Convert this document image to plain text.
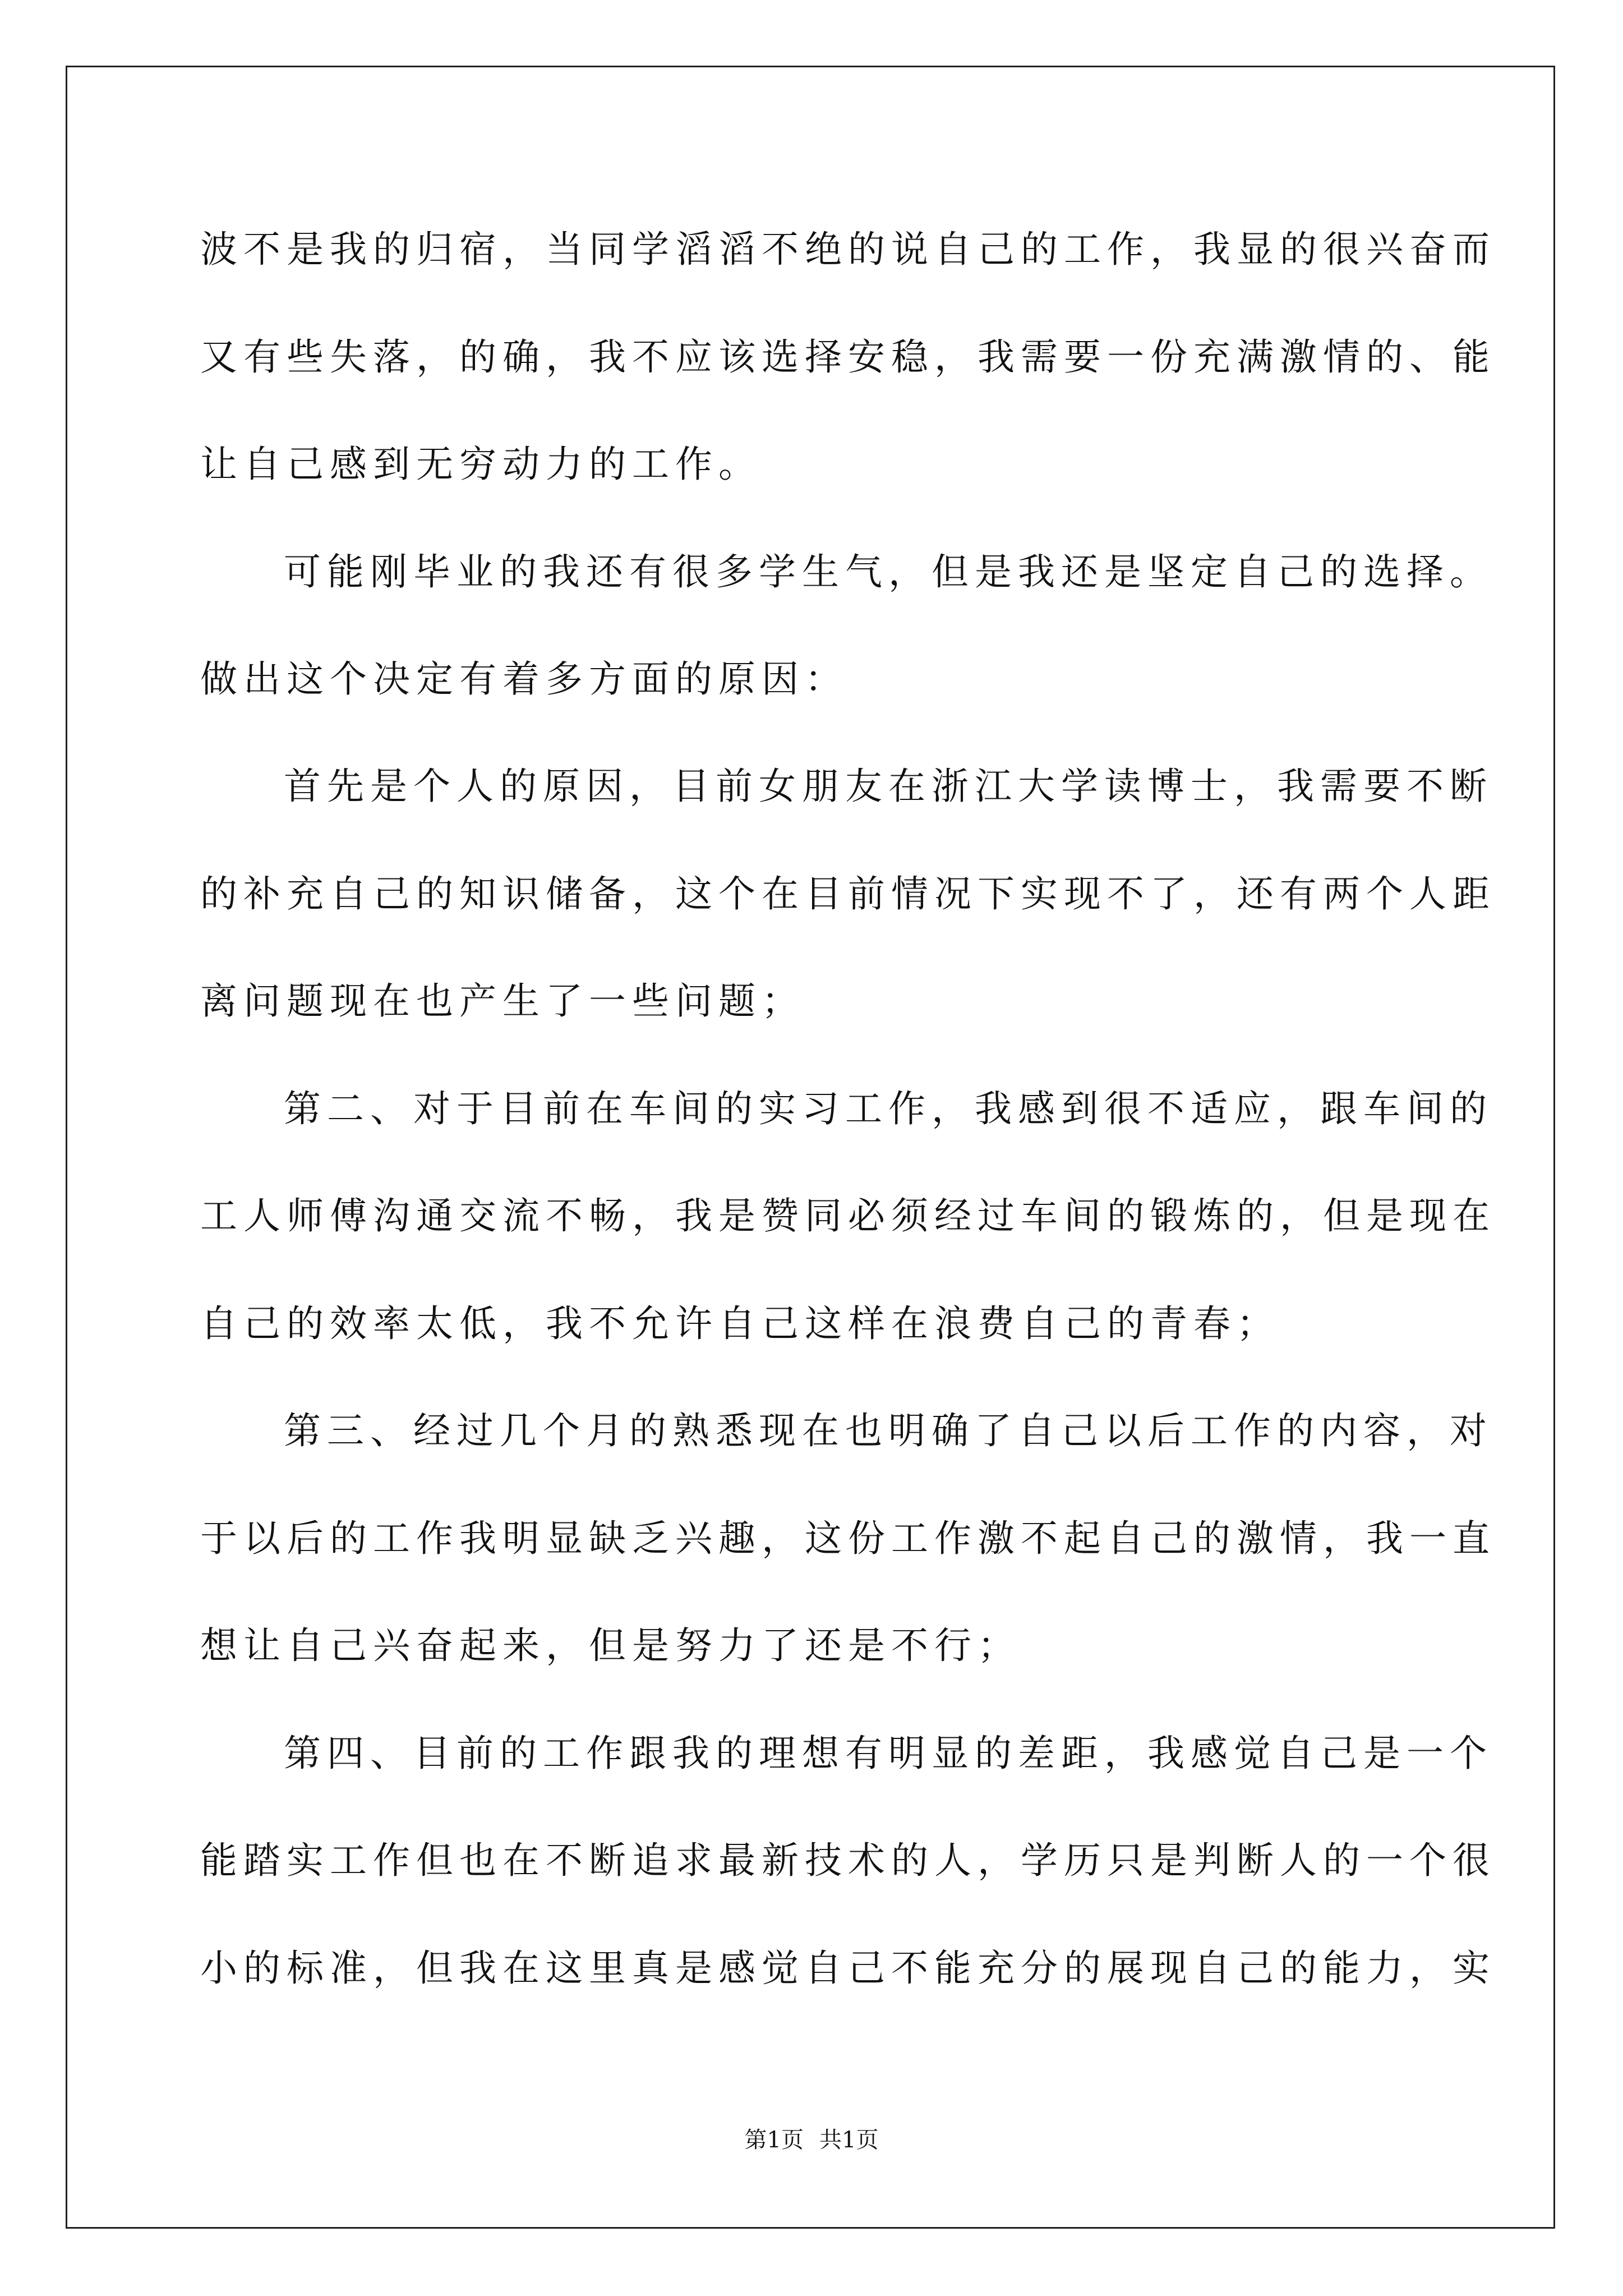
波不是我的归宿，当同学滔滔不绝的说自己的工作，我显的很兴奋而
又有些失落，的确，我不应该选择安稳，我需要一份充满激情的、能
让自己感到无穷动力的工作。
可能刚毕业的我还有很多学生气，但是我还是坚定自己的选择。
做出这个决定有着多方面的原因：
首先是个人的原因，目前女朋友在浙江大学读博士，我需要不断
的补充自己的知识储备，这个在目前情况下实现不了，还有两个人距
离问题现在也产生了一些问题；
第二、对于目前在车间的实习工作，我感到很不适应，跟车间的
工人师傅沟通交流不畅，我是赞同必须经过车间的锻炼的，但是现在
自己的效率太低，我不允许自己这样在浪费自己的青春；
第三、经过几个月的熟悉现在也明确了自己以后工作的内容，对
于以后的工作我明显缺乏兴趣，这份工作激不起自己的激情，我一直
想让自己兴奋起来，但是努力了还是不行；
第四、目前的工作跟我的理想有明显的差距，我感觉自己是一个
能踏实工作但也在不断追求最新技术的人，学历只是判断人的一个很
小的标准，但我在这里真是感觉自己不能充分的展现自己的能力，实
第1页 共1页
